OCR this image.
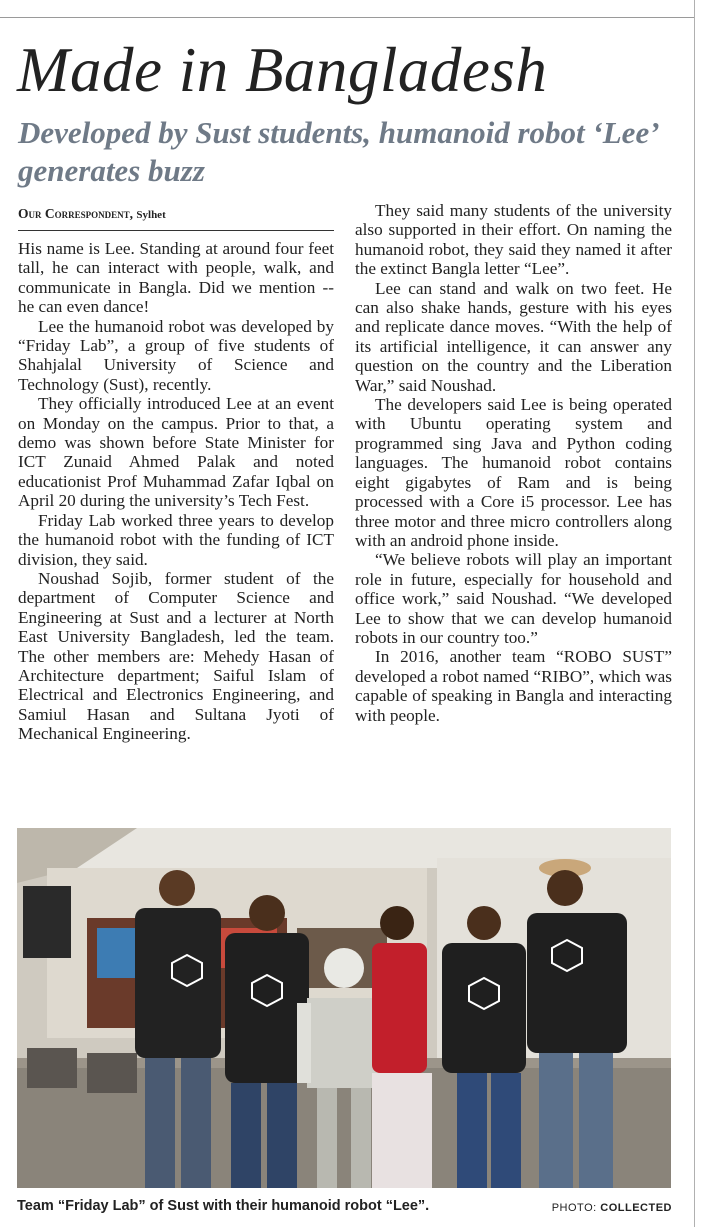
Made in Bangladesh
Developed by Sust students, humanoid robot ‘Lee’ generates buzz
Our Correspondent, Sylhet

His name is Lee. Standing at around four feet tall, he can interact with people, walk, and communicate in Bangla. Did we mention -- he can even dance!

Lee the humanoid robot was developed by “Friday Lab”, a group of five students of Shahjalal University of Science and Technology (Sust), recently.

They officially introduced Lee at an event on Monday on the campus. Prior to that, a demo was shown before State Minister for ICT Zunaid Ahmed Palak and noted educationist Prof Muhammad Zafar Iqbal on April 20 during the university’s Tech Fest.

Friday Lab worked three years to develop the humanoid robot with the funding of ICT division, they said.

Noushad Sojib, former student of the department of Computer Science and Engineering at Sust and a lecturer at North East University Bangladesh, led the team. The other members are: Mehedy Hasan of Architecture department; Saiful Islam of Electrical and Electronics Engineering, and Samiul Hasan and Sultana Jyoti of Mechanical Engineering.

They said many students of the university also supported in their effort. On naming the humanoid robot, they said they named it after the extinct Bangla letter “Lee”.

Lee can stand and walk on two feet. He can also shake hands, gesture with his eyes and replicate dance moves. “With the help of its artificial intelligence, it can answer any question on the country and the Liberation War,” said Noushad.

The developers said Lee is being operated with Ubuntu operating system and programmed sing Java and Python coding languages. The humanoid robot contains eight gigabytes of Ram and is being processed with a Core i5 processor. Lee has three motor and three micro controllers along with an android phone inside.

“We believe robots will play an important role in future, especially for household and office work,” said Noushad. “We developed Lee to show that we can develop humanoid robots in our country too.”

In 2016, another team “ROBO SUST” developed a robot named “RIBO”, which was capable of speaking in Bangla and interacting with people.

Team “Friday Lab” of Sust with their humanoid robot “Lee”.	PHOTO: COLLECTED
